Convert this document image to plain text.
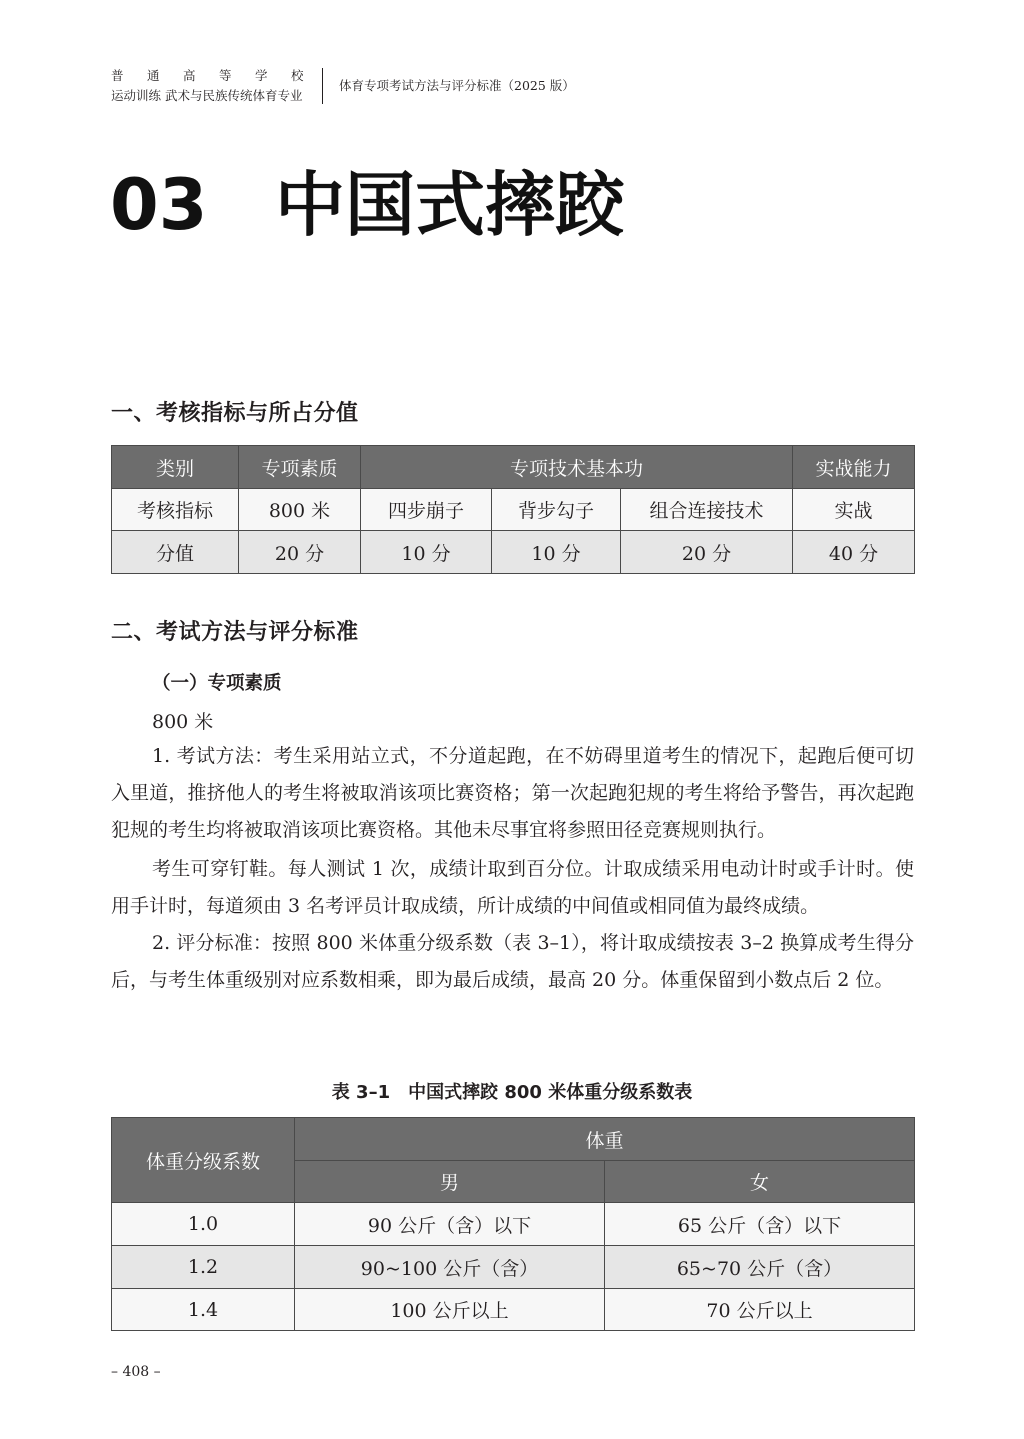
普 通 高 等 学 校
运动训练 武术与民族传统体育专业
体育专项考试方法与评分标准（2025 版）
03 中国式摔跤
一、考核指标与所占分值
类别	专项素质	专项技术基本功			实战能力
考核指标	800 米	四步崩子	背步勾子	组合连接技术	实战
分值	20 分	10 分	10 分	20 分	40 分
二、考试方法与评分标准
（一）专项素质
800 米
1. 考试方法：考生采用站立式，不分道起跑，在不妨碍里道考生的情况下，起跑后便可切入里道，推挤他人的考生将被取消该项比赛资格；第一次起跑犯规的考生将给予警告，再次起跑犯规的考生均将被取消该项比赛资格。其他未尽事宜将参照田径竞赛规则执行。
考生可穿钉鞋。每人测试 1 次，成绩计取到百分位。计取成绩采用电动计时或手计时。使用手计时，每道须由 3 名考评员计取成绩，所计成绩的中间值或相同值为最终成绩。
2. 评分标准：按照 800 米体重分级系数（表 3–1），将计取成绩按表 3–2 换算成考生得分后，与考生体重级别对应系数相乘，即为最后成绩，最高 20 分。体重保留到小数点后 2 位。
表 3–1　中国式摔跤 800 米体重分级系数表
体重分级系数	体重	
	男	女
1.0	90 公斤（含）以下	65 公斤（含）以下
1.2	90~100 公斤（含）	65~70 公斤（含）
1.4	100 公斤以上	70 公斤以上
– 408 –
